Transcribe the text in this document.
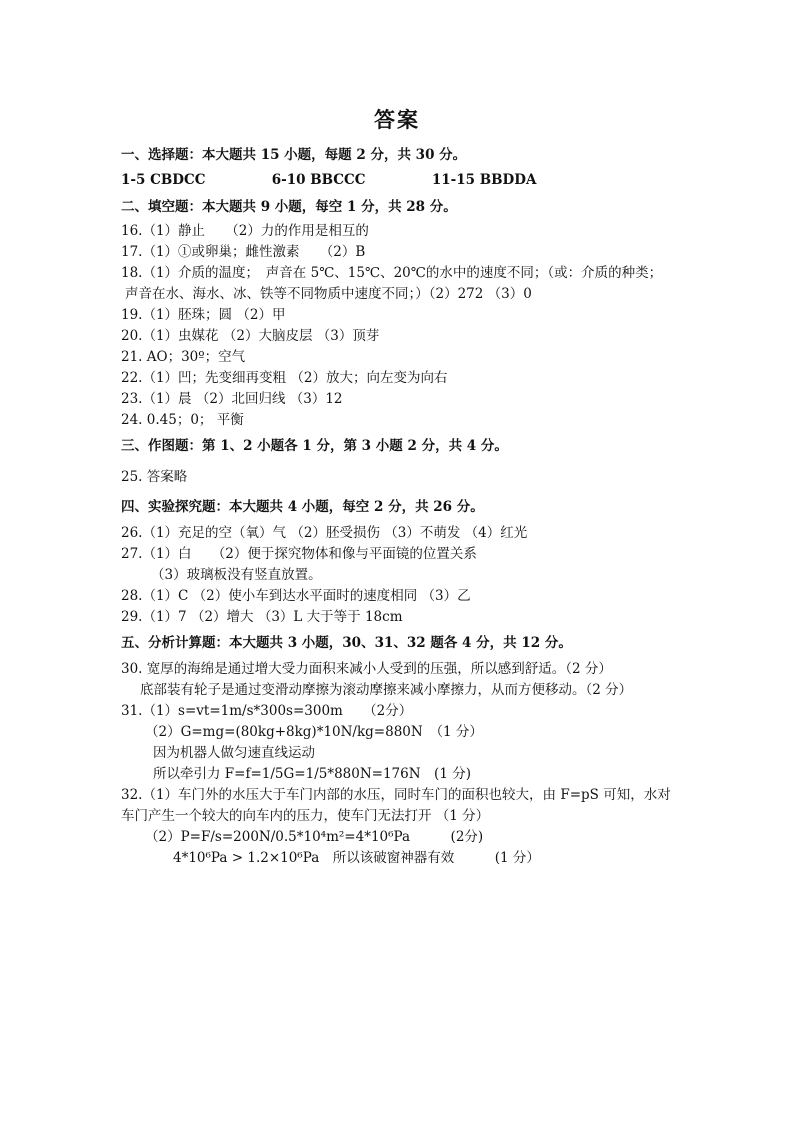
答案
一、选择题：本大题共 15 小题，每题 2 分，共 30 分。
1-5 CBDCC	6-10 BBCCC	11-15 BBDDA
二、填空题：本大题共 9 小题，每空 1 分，共 28 分。
16.（1）静止　　（2）力的作用是相互的
17.（1）①或卵巢；雌性激素　　（2）B
18.（1）介质的温度；　声音在 5℃、15℃、20℃的水中的速度不同；（或：介质的种类；
声音在水、海水、冰、铁等不同物质中速度不同；）（2）272 （3）0
19.（1）胚珠；圆 （2）甲
20.（1）虫媒花 （2）大脑皮层 （3）顶芽
21. AO；30º；空气
22.（1）凹；先变细再变粗 （2）放大；向左变为向右
23.（1）晨 （2）北回归线 （3）12
24. 0.45；0； 平衡
三、作图题：第 1、2 小题各 1 分，第 3 小题 2 分，共 4 分。
25. 答案略
四、实验探究题：本大题共 4 小题，每空 2 分，共 26 分。
26.（1）充足的空（氧）气 （2）胚受损伤 （3）不萌发 （4）红光
27.（1）白　　（2）便于探究物体和像与平面镜的位置关系
（3）玻璃板没有竖直放置。
28.（1）C （2）使小车到达水平面时的速度相同 （3）乙
29.（1）7 （2）增大 （3）L 大于等于 18cm
五、分析计算题：本大题共 3 小题，30、31、32 题各 4 分，共 12 分。
30. 宽厚的海绵是通过增大受力面积来减小人受到的压强，所以感到舒适。（2 分）
底部装有轮子是通过变滑动摩擦为滚动摩擦来减小摩擦力，从而方便移动。（2 分）
31.（1）s=vt=1m/s*300s=300m　　（2分）
（2）G=mg=(80kg+8kg)*10N/kg=880N　（1 分）
因为机器人做匀速直线运动
所以牵引力 F=f=1/5G=1/5*880N=176N　(1 分)
32.（1）车门外的水压大于车门内部的水压，同时车门的面积也较大，由 F=pS 可知，水对
车门产生一个较大的向车内的压力，使车门无法打开 （1 分）
（2）P=F/s=200N/0.5*10⁴m²=4*10⁶Pa　　　(2分)
4*10⁶Pa > 1.2×10⁶Pa　所以该破窗神器有效　　　(1 分）
